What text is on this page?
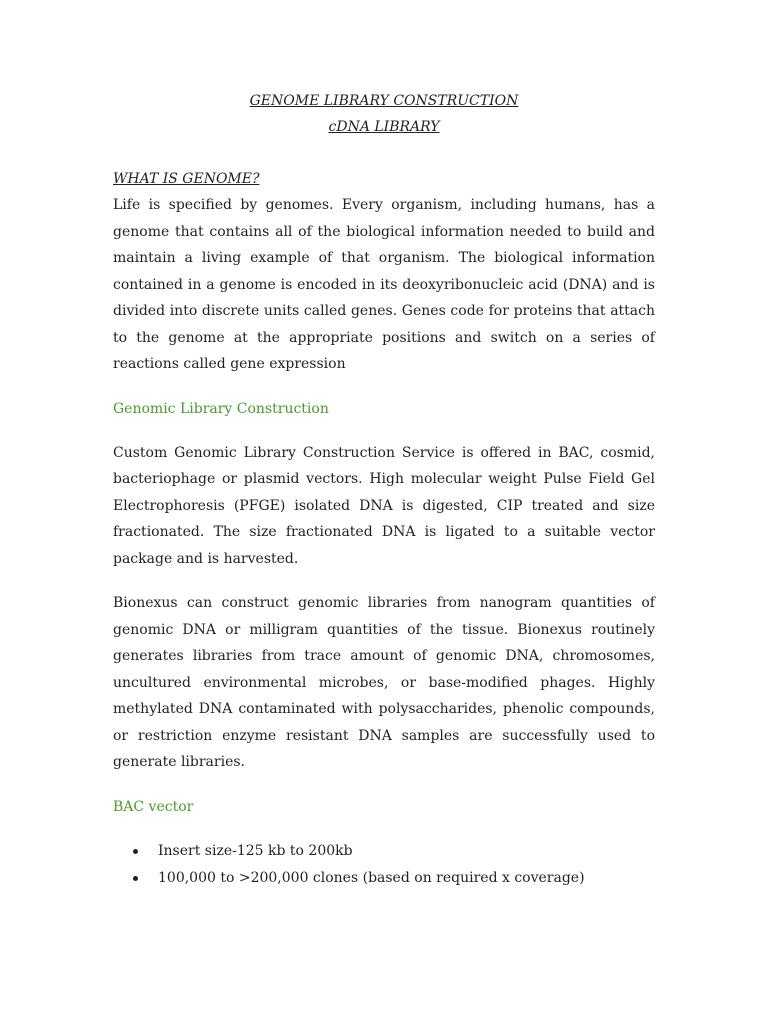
GENOME LIBRARY CONSTRUCTION

cDNA LIBRARY

WHAT IS GENOME?

Life is specified by genomes. Every organism, including humans, has a genome that contains all of the biological information needed to build and maintain a living example of that organism. The biological information contained in a genome is encoded in its deoxyribonucleic acid (DNA) and is divided into discrete units called genes. Genes code for proteins that attach to the genome at the appropriate positions and switch on a series of reactions called gene expression

Genomic Library Construction

Custom Genomic Library Construction Service is offered in BAC, cosmid, bacteriophage or plasmid vectors. High molecular weight Pulse Field Gel Electrophoresis (PFGE) isolated DNA is digested, CIP treated and size fractionated. The size fractionated DNA is ligated to a suitable vector package and is harvested.

Bionexus can construct genomic libraries from nanogram quantities of genomic DNA or milligram quantities of the tissue. Bionexus routinely generates libraries from trace amount of genomic DNA, chromosomes, uncultured environmental microbes, or base-modified phages. Highly methylated DNA contaminated with polysaccharides, phenolic compounds, or restriction enzyme resistant DNA samples are successfully used to generate libraries.

BAC vector

Insert size-125 kb to 200kb
100,000 to >200,000 clones (based on required x coverage)
